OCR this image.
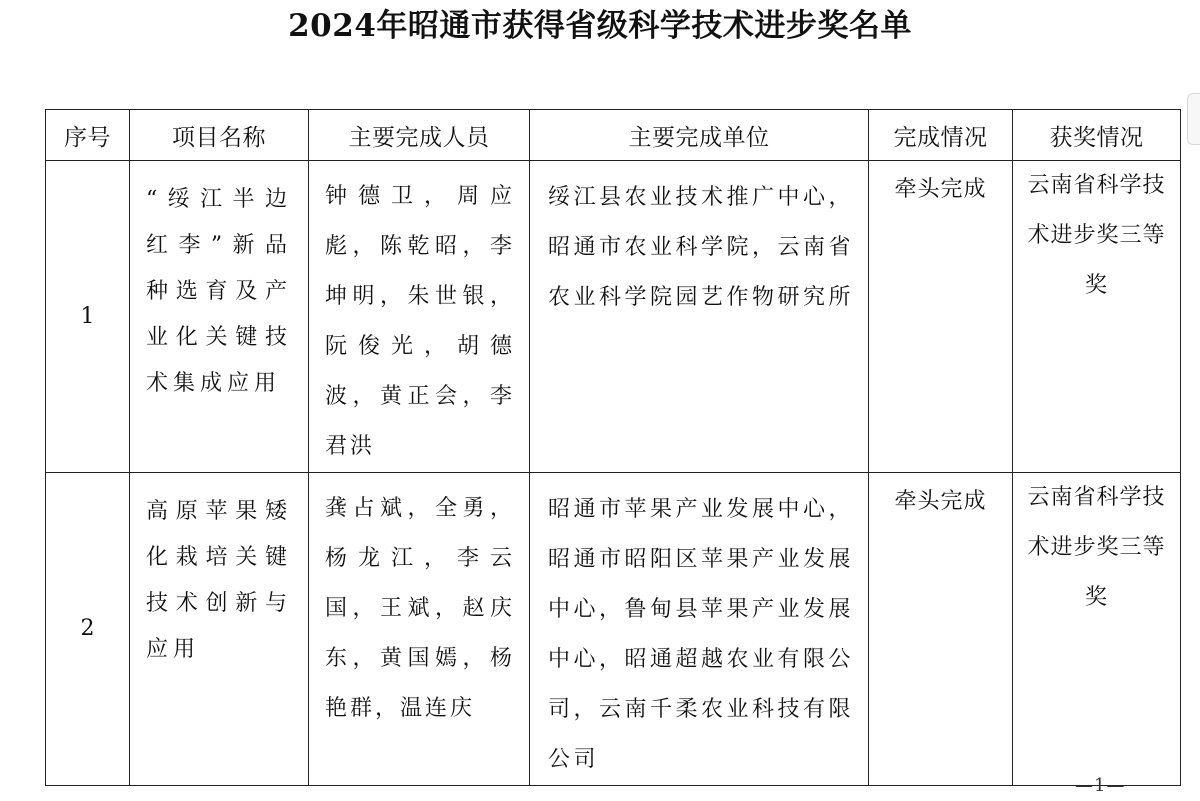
2024年昭通市获得省级科学技术进步奖名单
序号	项目名称	主要完成人员	主要完成单位	完成情况	获奖情况
1	“绥江半边红李”新品种选育及产业化关键技术集成应用	钟德卫，周应彪，陈乾昭，李坤明，朱世银，阮俊光，胡德波，黄正会，李君洪	绥江县农业技术推广中心，昭通市农业科学院，云南省农业科学院园艺作物研究所	牵头完成	云南省科学技术进步奖三等奖

2	高原苹果矮化栽培关键技术创新与应用	龚占斌，全勇，杨龙江，李云国，王斌，赵庆东，黄国嫣，杨艳群，温连庆	昭通市苹果产业发展中心，昭通市昭阳区苹果产业发展中心，鲁甸县苹果产业发展中心，昭通超越农业有限公司，云南千柔农业科技有限公司	牵头完成	云南省科学技术进步奖三等奖
—1—
